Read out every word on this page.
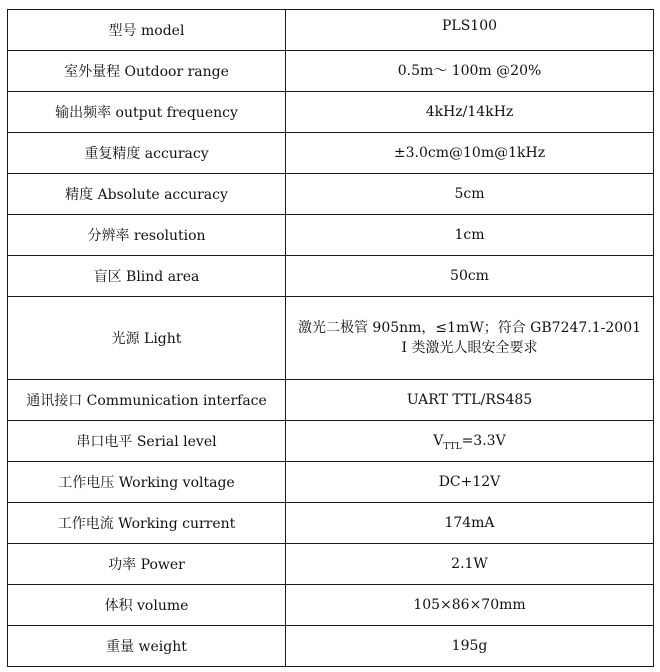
型号 model	PLS100
室外量程 Outdoor range	0.5m～ 100m @20%
输出频率 output frequency	4kHz/14kHz
重复精度 accuracy	±3.0cm@10m@1kHz
精度 Absolute accuracy	5cm
分辨率 resolution	1cm
盲区 Blind area	50cm
光源 Light	激光二极管 905nm，≤1mW；符合 GB7247.1-2001
I 类激光人眼安全要求

通讯接口 Communication interface	UART TTL/RS485
串口电平 Serial level	$V_{TTL}=3.3V$
工作电压 Working voltage	DC+12V
工作电流 Working current	174mA
功率 Power	2.1W
体积 volume	105×86×70mm
重量 weight	195g
